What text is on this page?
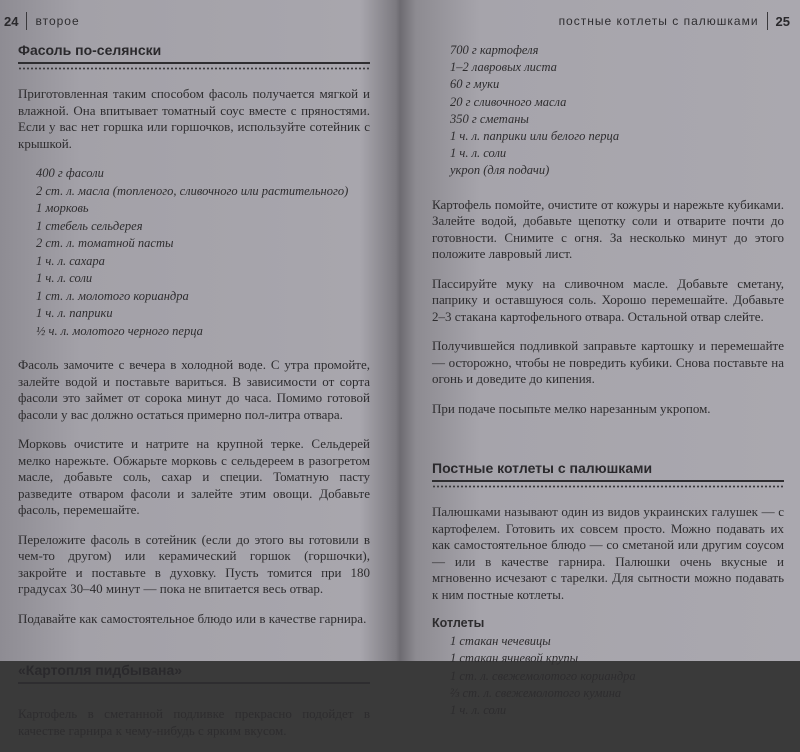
24 второе
Фасоль по-селянски

Приготовленная таким способом фасоль получается мягкой и влажной. Она впитывает томатный соус вместе с пряностями. Если у вас нет горшка или горшочков, используйте сотейник с крышкой.

400 г фасоли
2 ст. л. масла (топленого, сливочного или растительного)
1 морковь
1 стебель сельдерея
2 ст. л. томатной пасты
1 ч. л. сахара
1 ч. л. соли
1 ст. л. молотого кориандра
1 ч. л. паприки
½ ч. л. молотого черного перца

Фасоль замочите с вечера в холодной воде. С утра промойте, залейте водой и поставьте вариться. В зависимости от сорта фасоли это займет от сорока минут до часа. Помимо готовой фасоли у вас должно остаться примерно пол-литра отвара.

Морковь очистите и натрите на крупной терке. Сельдерей мелко нарежьте. Обжарьте морковь с сельдереем в разогретом масле, добавьте соль, сахар и специи. Томатную пасту разведите отваром фасоли и залейте этим овощи. Добавьте фасоль, перемешайте.

Переложите фасоль в сотейник (если до этого вы готовили в чем-то другом) или керамический горшок (горшочки), закройте и поставьте в духовку. Пусть томится при 180 градусах 30–40 минут — пока не впитается весь отвар.

Подавайте как самостоятельное блюдо или в качестве гарнира.

«Картопля пидбывана»

Картофель в сметанной подливке прекрасно подойдет в качестве гарнира к чему-нибудь с ярким вкусом.

постные котлеты с палюшками 25
700 г картофеля
1–2 лавровых листа
60 г муки
20 г сливочного масла
350 г сметаны
1 ч. л. паприки или белого перца
1 ч. л. соли
укроп (для подачи)

Картофель помойте, очистите от кожуры и нарежьте кубиками. Залейте водой, добавьте щепотку соли и отварите почти до готовности. Снимите с огня. За несколько минут до этого положите лавровый лист.

Пассируйте муку на сливочном масле. Добавьте сметану, паприку и оставшуюся соль. Хорошо перемешайте. Добавьте 2–3 стакана картофельного отвара. Остальной отвар слейте.

Получившейся подливкой заправьте картошку и перемешайте — осторожно, чтобы не повредить кубики. Снова поставьте на огонь и доведите до кипения.

При подаче посыпьте мелко нарезанным укропом.

Постные котлеты с палюшками

Палюшками называют один из видов украинских галушек — с картофелем. Готовить их совсем просто. Можно подавать их как самостоятельное блюдо — со сметаной или другим соусом — или в качестве гарнира. Палюшки очень вкусные и мгновенно исчезают с тарелки. Для сытности можно подавать к ним постные котлеты.

Котлеты
1 стакан чечевицы
1 стакан ячневой крупы
1 ст. л. свежемолотого кориандра
⅔ ст. л. свежемолотого кумина
1 ч. л. соли
